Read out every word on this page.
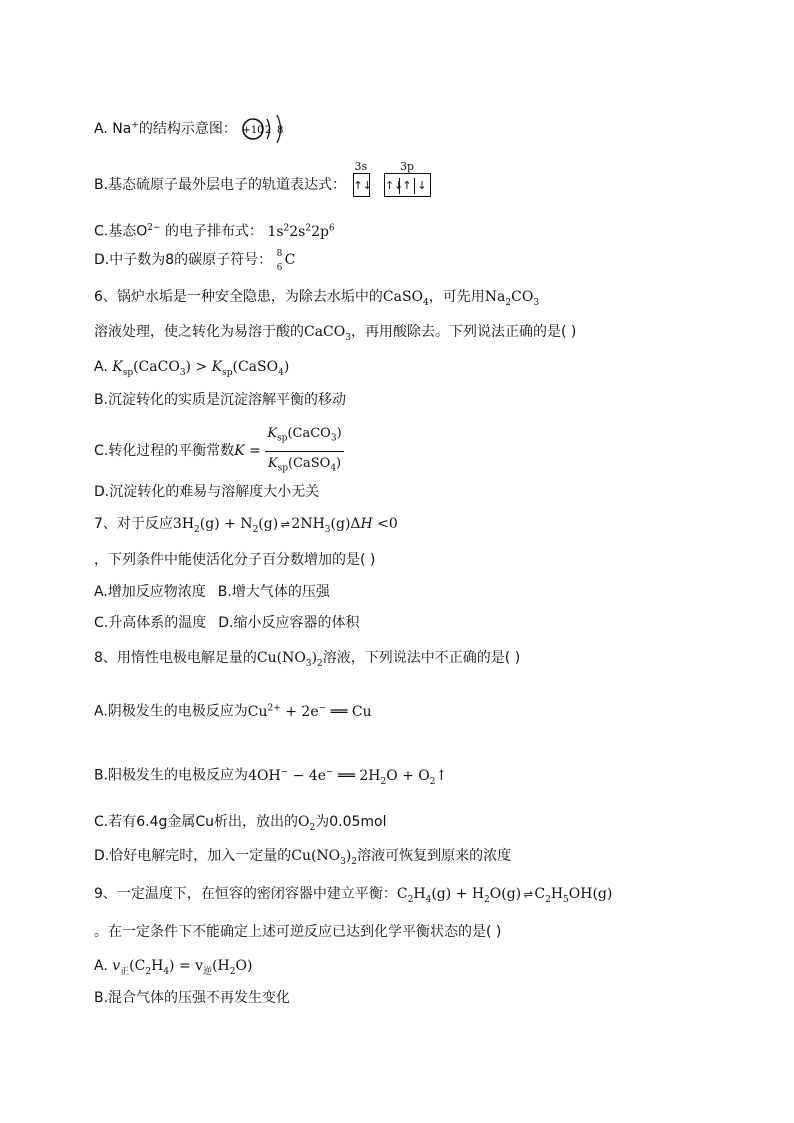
A. Na+的结构示意图： +10 2 8
B.基态硫原子最外层电子的轨道表达式：
3s
↑↓
3p
↑↓↑ ↓
C.基态$O^{2-}$ 的电子排布式： $1s^22s^22p^6$
D.中子数为8的碳原子符号： 8
6 C
6、锅炉水垢是一种安全隐患，为除去水垢中的CaSO$_4$，可先用$Na_2CO_3$
溶液处理，使之转化为易溶于酸的CaCO$_3$，再用酸除去。下列说法正确的是( )
A. $K_{sp}(CaCO_3)$ > $K_{sp}(CaSO_4)$
B.沉淀转化的实质是沉淀溶解平衡的移动
C.转化过程的平衡常数$K = \frac{K_{sp}(CaCO_3)}{K_{sp}(CaSO_4)}$
D.沉淀转化的难易与溶解度大小无关
7、对于反应$3H_2(g) + N_2(g)$ ⇌ $2NH_3(g)\Delta H <0$
，下列条件中能使活化分子百分数增加的是( )
A.增加反应物浓度 B.增大气体的压强
C.升高体系的温度 D.缩小反应容器的体积
8、用惰性电极电解足量的$Cu(NO_3)_2$溶液，下列说法中不正确的是( )
A.阴极发生的电极反应为$Cu^{2+} + 2e^-$ ══ Cu
B.阳极发生的电极反应为4OH− − 4e− ══ $2H_2O$ + $O_2↑$
C.若有6.4g金属Cu析出，放出的$O_2$为0.05mol
D.恰好电解完时，加入一定量的$Cu(NO_3)_2$溶液可恢复到原来的浓度
9、一定温度下，在恒容的密闭容器中建立平衡：$C_2H_4(g) + H_2O(g)$ ⇌ $C_2H_5OH(g)$
。在一定条件下不能确定上述可逆反应已达到化学平衡状态的是( )
A. $v_正(C_2H_4) = v_逆(H_2O)$
B.混合气体的压强不再发生变化
